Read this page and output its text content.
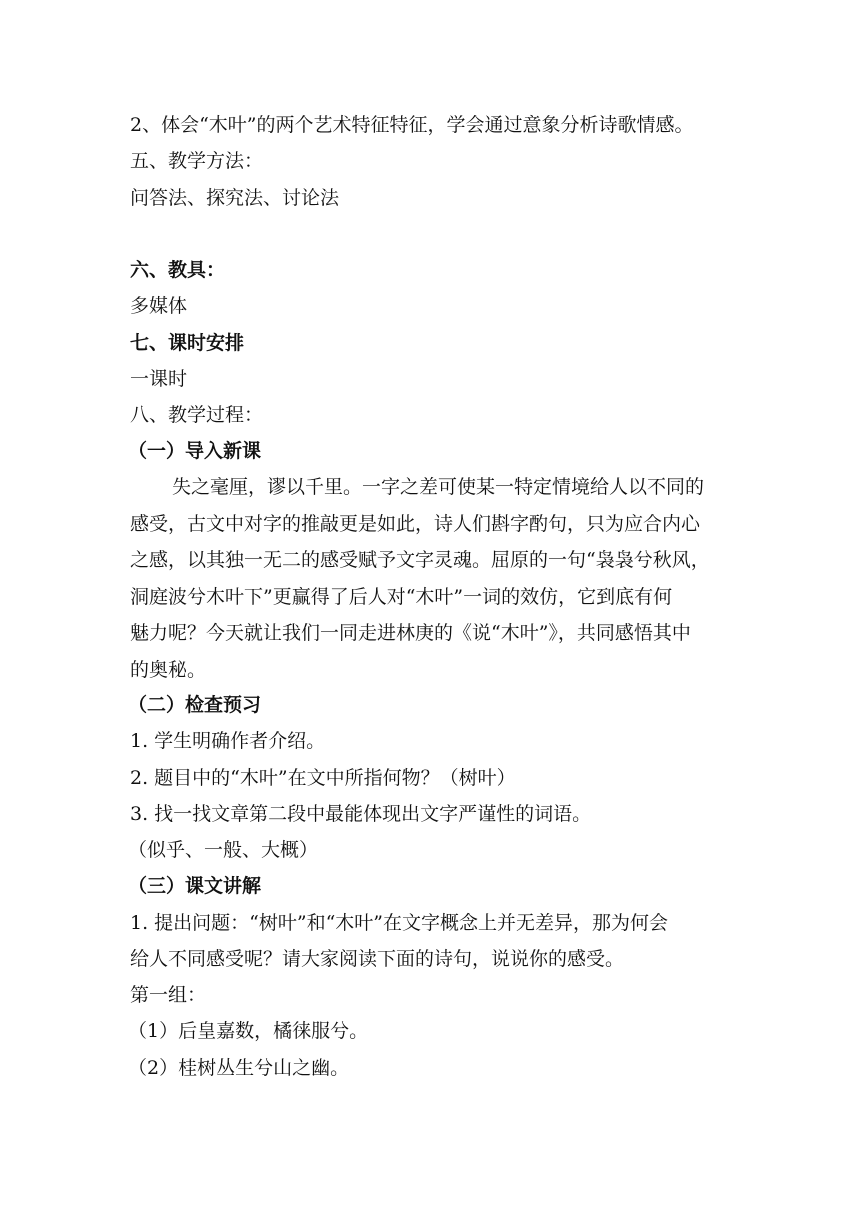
2、体会“木叶”的两个艺术特征特征，学会通过意象分析诗歌情感。
五、教学方法：
问答法、探究法、讨论法
六、教具：
多媒体
七、课时安排
一课时
八、教学过程：
（一）导入新课
失之毫厘，谬以千里。一字之差可使某一特定情境给人以不同的
感受，古文中对字的推敲更是如此，诗人们斟字酌句，只为应合内心
之感，以其独一无二的感受赋予文字灵魂。屈原的一句“袅袅兮秋风，
洞庭波兮木叶下”更赢得了后人对“木叶”一词的效仿，它到底有何
魅力呢？今天就让我们一同走进林庚的《说“木叶”》，共同感悟其中
的奥秘。
（二）检查预习
1. 学生明确作者介绍。
2. 题目中的“木叶”在文中所指何物？（树叶）
3. 找一找文章第二段中最能体现出文字严谨性的词语。
（似乎、一般、大概）
（三）课文讲解
1. 提出问题：“树叶”和“木叶”在文字概念上并无差异，那为何会
给人不同感受呢？请大家阅读下面的诗句，说说你的感受。
第一组：
（1）后皇嘉数，橘徕服兮。
（2）桂树丛生兮山之幽。
